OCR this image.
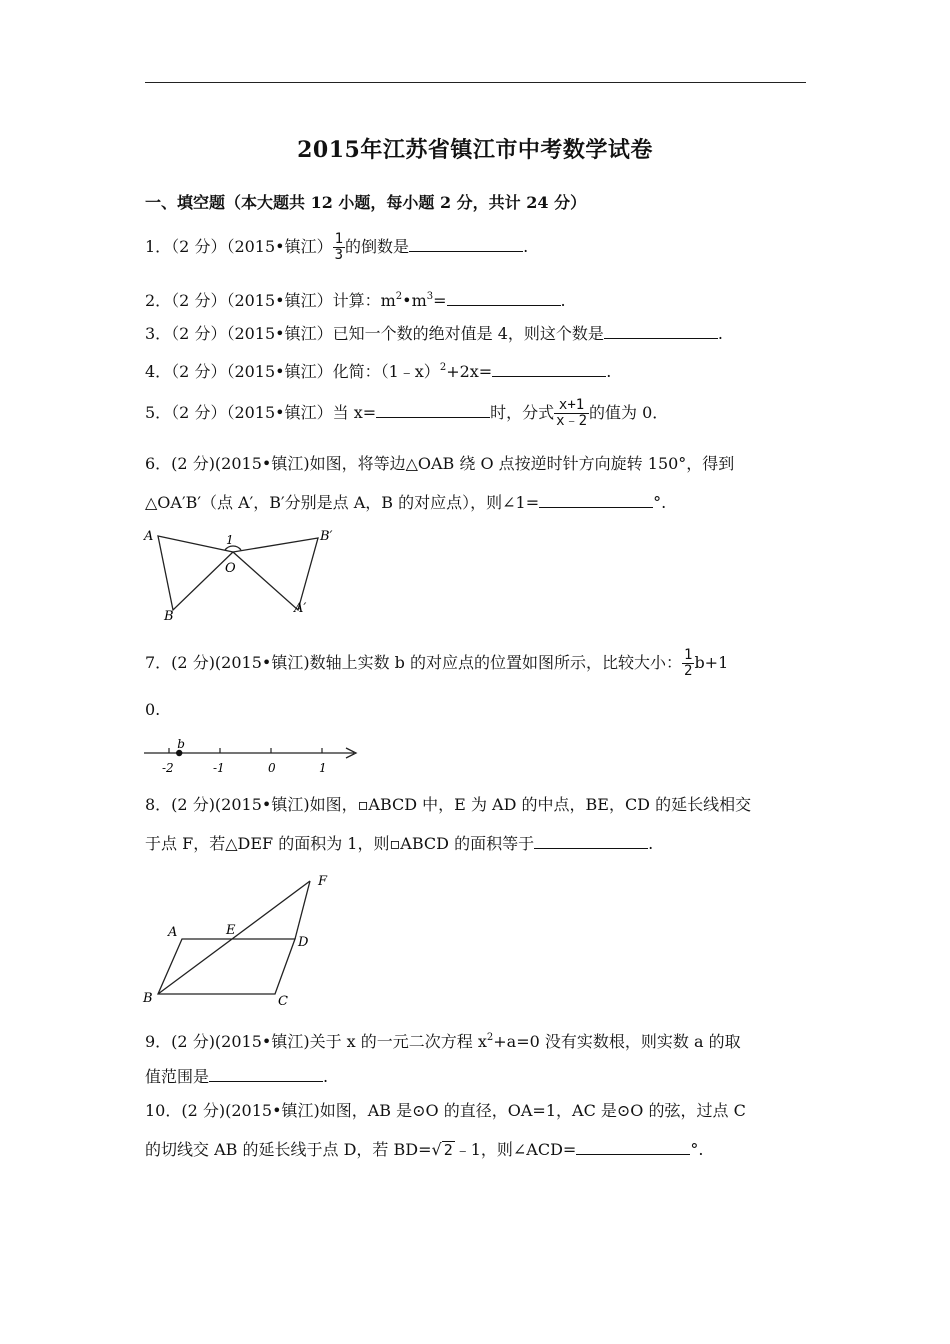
2015年江苏省镇江市中考数学试卷
一、填空题（本大题共 12 小题，每小题 2 分，共计 24 分）
1．（2 分）（2015•镇江） $\frac{1}{3}$ 的倒数是	.
2．（2 分）（2015•镇江）计算：$m^2•m^3=$	.
3．（2 分）（2015•镇江）已知一个数的绝对值是 4，则这个数是	.
4．（2 分）（2015•镇江）化简：（1﹣x）$^2$+2x=	.
5．（2 分）（2015•镇江）当 x=	时，分式 $\frac{x+1}{x﹣2}$ 的值为 0．
6．(2 分)(2015•镇江)如图，将等边△OAB 绕 O 点按逆时针方向旋转 150°，得到
△OA′B′（点 A′，B′分别是点 A，B 的对应点），则∠1=	°.
A
B
O
1	B′
A′
7．(2 分)(2015•镇江)数轴上实数 b 的对应点的位置如图所示，比较大小： $\frac{1}{2} b+1$
0.
-2	-1	0	1
b
8．(2 分)(2015•镇江)如图，▫ABCD 中，E 为 AD 的中点，BE，CD 的延长线相交
于点 F，若△DEF 的面积为 1，则▫ABCD 的面积等于	.
A	E
D
B	C
F
9．(2 分)(2015•镇江)关于 x 的一元二次方程 $x^2+a=0$ 没有实数根，则实数 a 的取
值范围是	.
10．(2 分)(2015•镇江)如图，AB 是⊙O 的直径，OA=1，AC 是⊙O 的弦，过点 C
的切线交 AB 的延长线于点 D，若 BD=√ 2 ﹣1，则∠ACD=	°.
